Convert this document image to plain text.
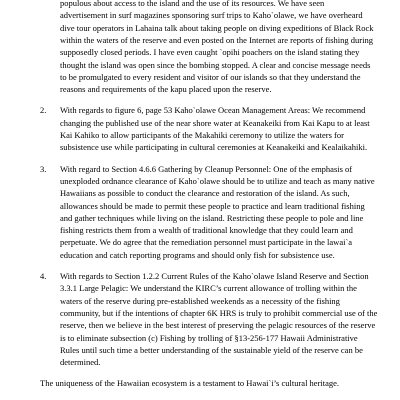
populous about access to the island and the use of its resources. We have seen
advertisement in surf magazines sponsoring surf trips to Kaho`olawe, we have overheard
dive tour operators in Lahaina talk about taking people on diving expeditions of Black Rock
within the waters of the reserve and even posted on the Internet are reports of fishing during
supposedly closed periods. I have even caught `opihi poachers on the island stating they
thought the island was open since the bombing stopped. A clear and concise message needs
to be promulgated to every resident and visitor of our islands so that they understand the
reasons and requirements of the kapu placed upon the reserve.
2. With regards to figure 6, page 53 Kaho`olawe Ocean Management Areas: We recommend
changing the published use of the near shore water at Keanakeiki from Kai Kapu to at least
Kai Kahiko to allow participants of the Makahiki ceremony to utilize the waters for
subsistence use while participating in cultural ceremonies at Keanakeiki and Kealaikahiki.
3. With regard to Section 4.6.6 Gathering by Cleanup Personnel: One of the emphasis of
unexploded ordnance clearance of Kaho`olawe should be to utilize and teach as many native
Hawaiians as possible to conduct the clearance and restoration of the island. As such,
allowances should be made to permit these people to practice and learn traditional fishing
and gather techniques while living on the island. Restricting these people to pole and line
fishing restricts them from a wealth of traditional knowledge that they could learn and
perpetuate. We do agree that the remediation personnel must participate in the lawai`a
education and catch reporting programs and should only fish for subsistence use.
4. With regards to Section 1.2.2 Current Rules of the Kaho`olawe Island Reserve and Section
3.3.1 Large Pelagic: We understand the KIRC’s current allowance of trolling within the
waters of the reserve during pre-established weekends as a necessity of the fishing
community, but if the intentions of chapter 6K HRS is truly to prohibit commercial use of the
reserve, then we believe in the best interest of preserving the pelagic resources of the reserve
is to eliminate subsection (c) Fishing by trolling of §13-256-177 Hawaii Administrative
Rules until such time a better understanding of the sustainable yield of the reserve can be
determined.
The uniqueness of the Hawaiian ecosystem is a testament to Hawai`i’s cultural heritage.
